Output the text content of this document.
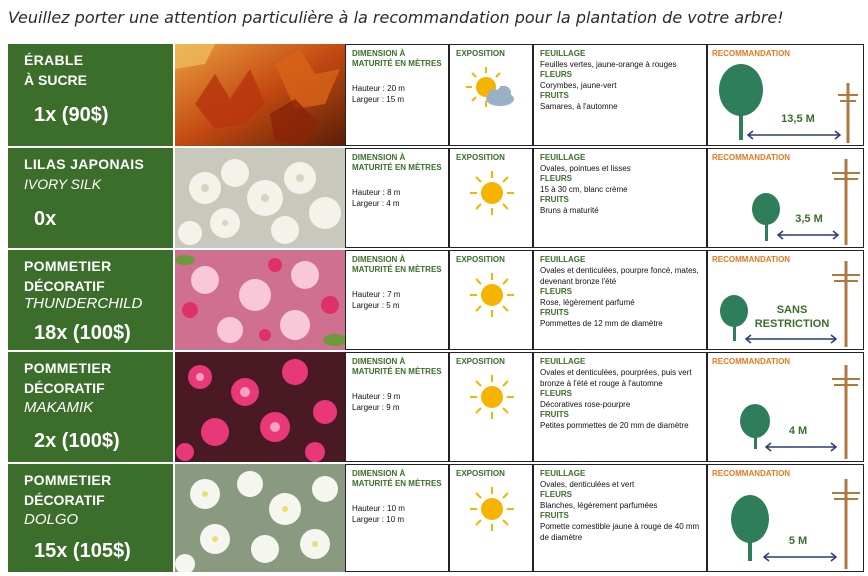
Veuillez porter une attention particulière à la recommandation pour la plantation de votre arbre!
ÉRABLE
À SUCRE
1x (90$)
DIMENSION À MATURITÉ EN MÈTRES
Hauteur : 20 m
Largeur : 15 m
EXPOSITION	FEUILLAGE
Feuilles vertes, jaune-orange à rouges
FLEURS
Corymbes, jaune-vert
FRUITS
Samares, à l'automne
RECOMMANDATION
13,5 M
LILAS JAPONAIS
IVORY SILK
0x
DIMENSION À MATURITÉ EN MÈTRES
Hauteur : 8 m
Largeur : 4 m
EXPOSITION	FEUILLAGE
Ovales, pointues et lisses
FLEURS
15 à 30 cm, blanc crème
FRUITS
Bruns à maturité
RECOMMANDATION
3,5 M
POMMETIER
DÉCORATIF
THUNDERCHILD
18x (100$)
DIMENSION À MATURITÉ EN MÈTRES
Hauteur : 7 m
Largeur : 5 m
EXPOSITION	FEUILLAGE
Ovales et denticulées, pourpre foncé, mates, devenant bronze l'été
FLEURS
Rose, légèrement parfumé
FRUITS
Pommettes de 12 mm de diamètre
RECOMMANDATION
SANS RESTRICTION
POMMETIER
DÉCORATIF
MAKAMIK
2x (100$)
DIMENSION À MATURITÉ EN MÈTRES
Hauteur : 9 m
Largeur : 9 m
EXPOSITION	FEUILLAGE
Ovales et denticulées, pourprées, puis vert bronze à l'été et rouge à l'automne
FLEURS
Décoratives rose-pourpre
FRUITS
Petites pommettes de 20 mm de diamètre
RECOMMANDATION
4 M
POMMETIER
DÉCORATIF
DOLGO
15x (105$)
DIMENSION À MATURITÉ EN MÈTRES
Hauteur : 10 m
Largeur : 10 m
EXPOSITION	FEUILLAGE
Ovales, denticulées et vert
FLEURS
Blanches, légèrement parfumées
FRUITS
Pomette comestible jaune à rouge de 40 mm de diamètre
RECOMMANDATION
5 M
